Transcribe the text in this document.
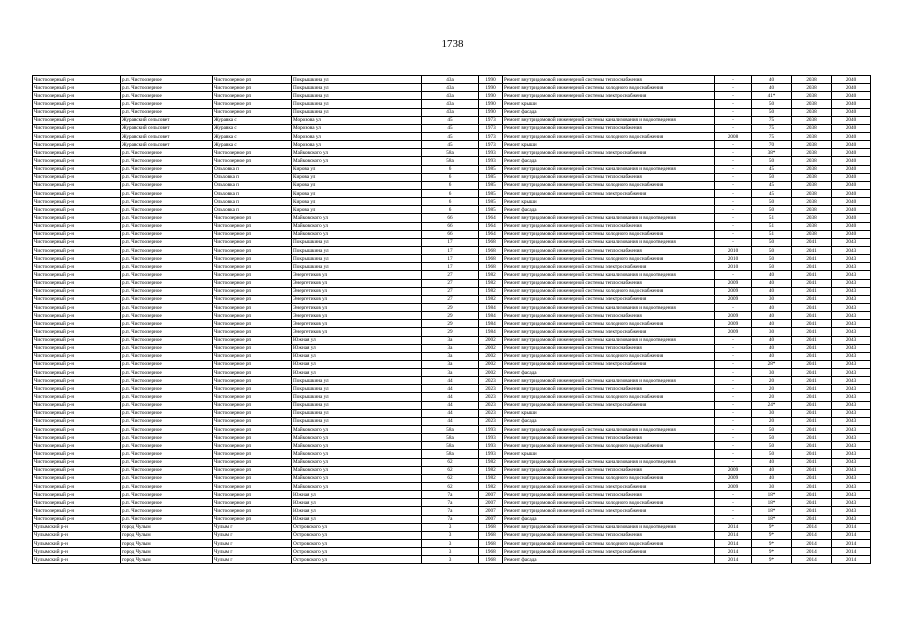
1738
Чистоозерный р-н	р.п. Чистоозерное	Чистоозерное рп	Покрышкина ул	43а	1990	Ремонт внутридомовой инженерной системы теплоснабжения	-	40	2038	2040
Чистоозерный р-н	р.п. Чистоозерное	Чистоозерное рп	Покрышкина ул	43а	1990	Ремонт внутридомовой инженерной системы холодного водоснабжения	-	40	2038	2040
Чистоозерный р-н	р.п. Чистоозерное	Чистоозерное рп	Покрышкина ул	43а	1990	Ремонт внутридомовой инженерной системы электроснабжения	-	41*	2038	2040
Чистоозерный р-н	р.п. Чистоозерное	Чистоозерное рп	Покрышкина ул	43а	1990	Ремонт крыши	-	50	2038	2040
Чистоозерный р-н	р.п. Чистоозерное	Чистоозерное рп	Покрышкина ул	43а	1990	Ремонт фасада	-	50	2038	2040
Чистоозерный р-н	Журавский сельсовет	Журавка с	Морозова ул	45	1973	Ремонт внутридомовой инженерной системы канализования и водоотведения	-	75	2038	2040
Чистоозерный р-н	Журавский сельсовет	Журавка с	Морозова ул	45	1973	Ремонт внутридомовой инженерной системы теплоснабжения	-	75	2038	2040
Чистоозерный р-н	Журавский сельсовет	Журавка с	Морозова ул	45	1973	Ремонт внутридомовой инженерной системы холодного водоснабжения	2008	75	2038	2040
Чистоозерный р-н	Журавский сельсовет	Журавка с	Морозова ул	45	1973	Ремонт крыши	-	70	2038	2040
Чистоозерный р-н	р.п. Чистоозерное	Чистоозерное рп	Майковского ул	58а	1993	Ремонт внутридомовой инженерной системы электроснабжения	-	38*	2038	2040
Чистоозерный р-н	р.п. Чистоозерное	Чистоозерное рп	Майковского ул	58а	1993	Ремонт фасада	-	50	2038	2040
Чистоозерный р-н	р.п. Чистоозерное	Ольховка п	Кирова ул	6	1985	Ремонт внутридомовой инженерной системы канализования и водоотведения	-	45	2038	2040
Чистоозерный р-н	р.п. Чистоозерное	Ольховка п	Кирова ул	6	1985	Ремонт внутридомовой инженерной системы теплоснабжения	-	50	2038	2040
Чистоозерный р-н	р.п. Чистоозерное	Ольховка п	Кирова ул	6	1985	Ремонт внутридомовой инженерной системы холодного водоснабжения	-	45	2038	2040
Чистоозерный р-н	р.п. Чистоозерное	Ольховка п	Кирова ул	6	1985	Ремонт внутридомовой инженерной системы электроснабжения	-	45	2038	2040
Чистоозерный р-н	р.п. Чистоозерное	Ольховка п	Кирова ул	6	1985	Ремонт крыши	-	50	2038	2040
Чистоозерный р-н	р.п. Чистоозерное	Ольховка п	Кирова ул	6	1985	Ремонт фасада	-	50	2038	2040
Чистоозерный р-н	р.п. Чистоозерное	Чистоозерное рп	Майковского ул	66	1964	Ремонт внутридомовой инженерной системы канализования и водоотведения	-	51	2038	2040
Чистоозерный р-н	р.п. Чистоозерное	Чистоозерное рп	Майковского ул	66	1964	Ремонт внутридомовой инженерной системы теплоснабжения	-	51	2038	2040
Чистоозерный р-н	р.п. Чистоозерное	Чистоозерное рп	Майковского ул	66	1964	Ремонт внутридомовой инженерной системы холодного водоснабжения	-	51	2038	2040
Чистоозерный р-н	р.п. Чистоозерное	Чистоозерное рп	Покрышкина ул	17	1968	Ремонт внутридомовой инженерной системы канализования и водоотведения	-	50	2041	2043
Чистоозерный р-н	р.п. Чистоозерное	Чистоозерное рп	Покрышкина ул	17	1968	Ремонт внутридомовой инженерной системы теплоснабжения	2010	50	2041	2043
Чистоозерный р-н	р.п. Чистоозерное	Чистоозерное рп	Покрышкина ул	17	1968	Ремонт внутридомовой инженерной системы холодного водоснабжения	2010	50	2041	2043
Чистоозерный р-н	р.п. Чистоозерное	Чистоозерное рп	Покрышкина ул	17	1968	Ремонт внутридомовой инженерной системы электроснабжения	2010	50	2041	2043
Чистоозерный р-н	р.п. Чистоозерное	Чистоозерное рп	Энергетиков ул	27	1982	Ремонт внутридомовой инженерной системы канализования и водоотведения	-	40	2041	2043
Чистоозерный р-н	р.п. Чистоозерное	Чистоозерное рп	Энергетиков ул	27	1982	Ремонт внутридомовой инженерной системы теплоснабжения	2009	40	2041	2043
Чистоозерный р-н	р.п. Чистоозерное	Чистоозерное рп	Энергетиков ул	27	1982	Ремонт внутридомовой инженерной системы холодного водоснабжения	2009	40	2041	2043
Чистоозерный р-н	р.п. Чистоозерное	Чистоозерное рп	Энергетиков ул	27	1982	Ремонт внутридомовой инженерной системы электроснабжения	2009	30	2041	2043
Чистоозерный р-н	р.п. Чистоозерное	Чистоозерное рп	Энергетиков ул	29	1984	Ремонт внутридомовой инженерной системы канализования и водоотведения	-	40	2041	2043
Чистоозерный р-н	р.п. Чистоозерное	Чистоозерное рп	Энергетиков ул	29	1984	Ремонт внутридомовой инженерной системы теплоснабжения	2009	40	2041	2043
Чистоозерный р-н	р.п. Чистоозерное	Чистоозерное рп	Энергетиков ул	29	1984	Ремонт внутридомовой инженерной системы холодного водоснабжения	2009	40	2041	2043
Чистоозерный р-н	р.п. Чистоозерное	Чистоозерное рп	Энергетиков ул	29	1984	Ремонт внутридомовой инженерной системы электроснабжения	2009	30	2041	2043
Чистоозерный р-н	р.п. Чистоозерное	Чистоозерное рп	Южная ул	3а	2002	Ремонт внутридомовой инженерной системы канализования и водоотведения	-	40	2041	2043
Чистоозерный р-н	р.п. Чистоозерное	Чистоозерное рп	Южная ул	3а	2002	Ремонт внутридомовой инженерной системы теплоснабжения	-	40	2041	2043
Чистоозерный р-н	р.п. Чистоозерное	Чистоозерное рп	Южная ул	3а	2002	Ремонт внутридомовой инженерной системы холодного водоснабжения	-	40	2041	2043
Чистоозерный р-н	р.п. Чистоозерное	Чистоозерное рп	Южная ул	3а	2002	Ремонт внутридомовой инженерной системы электроснабжения	-	28*	2041	2043
Чистоозерный р-н	р.п. Чистоозерное	Чистоозерное рп	Южная ул	3а	2002	Ремонт фасада	-	30	2041	2043
Чистоозерный р-н	р.п. Чистоозерное	Чистоозерное рп	Покрышкина ул	44	2023	Ремонт внутридомовой инженерной системы канализования и водоотведения	-	20	2041	2043
Чистоозерный р-н	р.п. Чистоозерное	Чистоозерное рп	Покрышкина ул	44	2023	Ремонт внутридомовой инженерной системы теплоснабжения	-	20	2041	2043
Чистоозерный р-н	р.п. Чистоозерное	Чистоозерное рп	Покрышкина ул	44	2023	Ремонт внутридомовой инженерной системы холодного водоснабжения	-	20	2041	2043
Чистоозерный р-н	р.п. Чистоозерное	Чистоозерное рп	Покрышкина ул	44	2023	Ремонт внутридомовой инженерной системы электроснабжения	-	24*	2041	2043
Чистоозерный р-н	р.п. Чистоозерное	Чистоозерное рп	Покрышкина ул	44	2023	Ремонт крыши	-	30	2041	2043
Чистоозерный р-н	р.п. Чистоозерное	Чистоозерное рп	Покрышкина ул	44	2023	Ремонт фасада	-	20	2041	2043
Чистоозерный р-н	р.п. Чистоозерное	Чистоозерное рп	Майковского ул	58а	1993	Ремонт внутридомовой инженерной системы канализования и водоотведения	-	50	2041	2043
Чистоозерный р-н	р.п. Чистоозерное	Чистоозерное рп	Майковского ул	58а	1993	Ремонт внутридомовой инженерной системы теплоснабжения	-	50	2041	2043
Чистоозерный р-н	р.п. Чистоозерное	Чистоозерное рп	Майковского ул	58а	1993	Ремонт внутридомовой инженерной системы холодного водоснабжения	-	50	2041	2043
Чистоозерный р-н	р.п. Чистоозерное	Чистоозерное рп	Майковского ул	58а	1993	Ремонт крыши	-	50	2041	2043
Чистоозерный р-н	р.п. Чистоозерное	Чистоозерное рп	Майковского ул	62	1982	Ремонт внутридомовой инженерной системы канализования и водоотведения	-	40	2041	2043
Чистоозерный р-н	р.п. Чистоозерное	Чистоозерное рп	Майковского ул	62	1982	Ремонт внутридомовой инженерной системы теплоснабжения	2009	40	2041	2043
Чистоозерный р-н	р.п. Чистоозерное	Чистоозерное рп	Майковского ул	62	1982	Ремонт внутридомовой инженерной системы холодного водоснабжения	2009	40	2041	2043
Чистоозерный р-н	р.п. Чистоозерное	Чистоозерное рп	Майковского ул	62	1982	Ремонт внутридомовой инженерной системы электроснабжения	2009	30	2041	2043
Чистоозерный р-н	р.п. Чистоозерное	Чистоозерное рп	Южная ул	7а	2007	Ремонт внутридомовой инженерной системы теплоснабжения	-	18*	2041	2043
Чистоозерный р-н	р.п. Чистоозерное	Чистоозерное рп	Южная ул	7а	2007	Ремонт внутридомовой инженерной системы холодного водоснабжения	-	18*	2041	2043
Чистоозерный р-н	р.п. Чистоозерное	Чистоозерное рп	Южная ул	7а	2007	Ремонт внутридомовой инженерной системы электроснабжения	-	18*	2041	2043
Чистоозерный р-н	р.п. Чистоозерное	Чистоозерное рп	Южная ул	7а	2007	Ремонт фасада	-	18*	2041	2043
Чулымский р-н	город Чулым	Чулым г	Островского ул	3	1968	Ремонт внутридомовой инженерной системы канализования и водоотведения	2014	9*	2014	2014
Чулымский р-н	город Чулым	Чулым г	Островского ул	3	1968	Ремонт внутридомовой инженерной системы теплоснабжения	2014	9*	2014	2014
Чулымский р-н	город Чулым	Чулым г	Островского ул	3	1968	Ремонт внутридомовой инженерной системы холодного водоснабжения	2014	9*	2014	2014
Чулымский р-н	город Чулым	Чулым г	Островского ул	3	1968	Ремонт внутридомовой инженерной системы электроснабжения	2014	9*	2014	2014
Чулымский р-н	город Чулым	Чулым г	Островского ул	3	1968	Ремонт фасада	2014	9*	2014	2014
